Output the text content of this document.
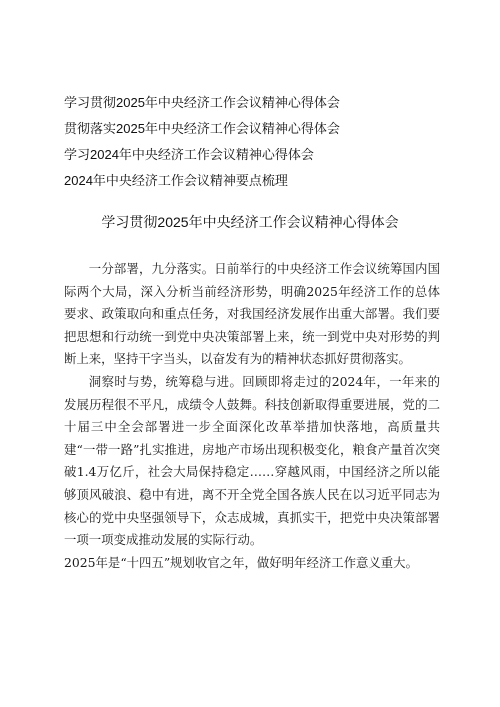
学习贯彻2025年中央经济工作会议精神心得体会
贯彻落实2025年中央经济工作会议精神心得体会
学习2024年中央经济工作会议精神心得体会
2024年中央经济工作会议精神要点梳理
学习贯彻2025年中央经济工作会议精神心得体会

一分部署，九分落实。日前举行的中央经济工作会议统筹国内国际两个大局，深入分析当前经济形势，明确2025年经济工作的总体要求、政策取向和重点任务，对我国经济发展作出重大部署。我们要把思想和行动统一到党中央决策部署上来，统一到党中央对形势的判断上来，坚持干字当头，以奋发有为的精神状态抓好贯彻落实。

洞察时与势，统筹稳与进。回顾即将走过的2024年，一年来的发展历程很不平凡，成绩令人鼓舞。科技创新取得重要进展，党的二十届三中全会部署进一步全面深化改革举措加快落地，高质量共建“一带一路”扎实推进，房地产市场出现积极变化，粮食产量首次突破1.4万亿斤，社会大局保持稳定……穿越风雨，中国经济之所以能够顶风破浪、稳中有进，离不开全党全国各族人民在以习近平同志为核心的党中央坚强领导下，众志成城，真抓实干，把党中央决策部署一项一项变成推动发展的实际行动。

2025年是“十四五”规划收官之年，做好明年经济工作意义重大。
